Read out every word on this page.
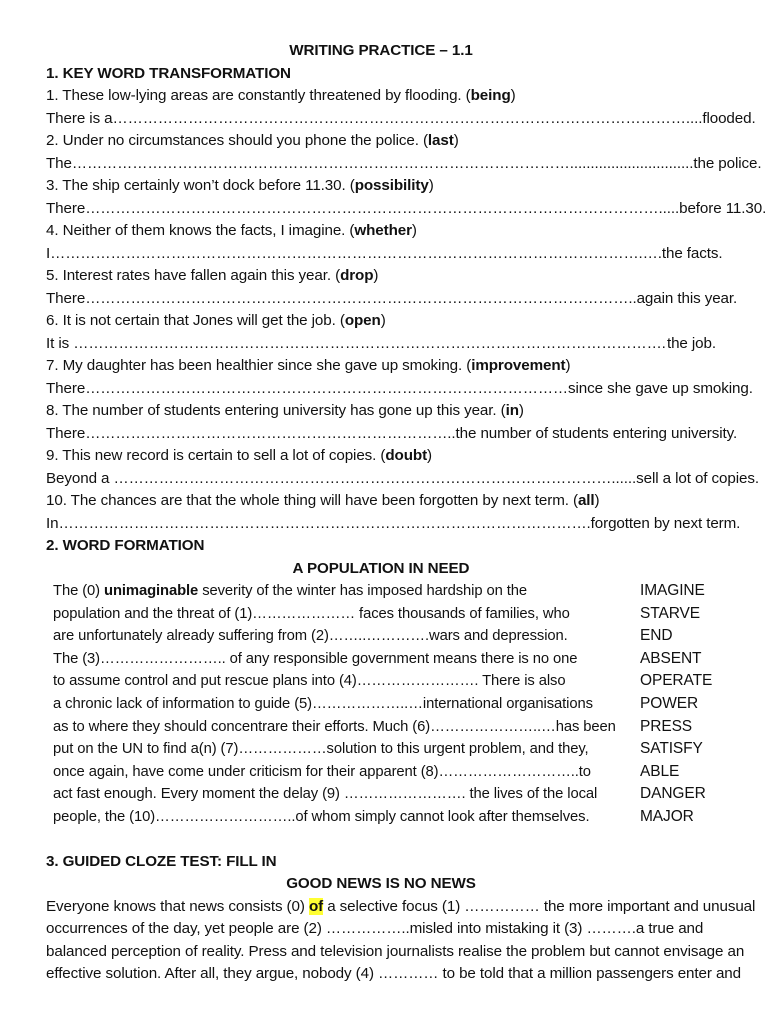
WRITING PRACTICE – 1.1
1. KEY WORD TRANSFORMATION
1. These low-lying areas are constantly threatened by flooding. (being)
There is a…………………………………………………………………………………………………….. ..flooded.
2. Under no circumstances should you phone the police. (last)
The……………………………………………………………………………………….............................. the police.
3. The ship certainly won’t dock before 11.30. (possibility)
There……………………………………………………………………………………………………... ..before 11.30.
4. Neither of them knows the facts, I imagine. (whether)
I……………………………………………………………………………………………………….… .the facts.
5. Interest rates have fallen again this year. (drop)
There……………………………………………………………………………………………….. again this year.
6. It is not certain that Jones will get the job. (open)
It is ………………………………………………………………………………………………………. the job.
7. My daughter has been healthier since she gave up smoking. (improvement)
There…………………………………………………………………………………… since she gave up smoking.
8. The number of students entering university has gone up this year. (in)
There……………………………………………………………….. the number of students entering university.
9. This new record is certain to sell a lot of copies. (doubt)
Beyond a ………………………………………………………………………………………...... sell a lot of copies.
10. The chances are that the whole thing will have been forgotten by next term. (all)
In……………………………………………………………………………………………. forgotten by next term.
2. WORD FORMATION
A POPULATION IN NEED
The (0) unimaginable severity of the winter has imposed hardship on the	IMAGINE
population and the threat of (1)………………… faces thousands of families, who	STARVE
are unfortunately already suffering from (2)……..………….wars and depression.	END
The (3)…………………….. of any responsible government means there is no one	ABSENT
to assume control and put rescue plans into (4)……………………. There is also	OPERATE
a chronic lack of information to guide (5)………………..…international organisations	POWER
as to where they should concentrare their efforts. Much (6)…………………..…has been PRESS
put on the UN to find a(n) (7)………………solution to this urgent problem, and they,	SATISFY
once again, have come under criticism for their apparent (8)………………………..to	ABLE
act fast enough. Every moment the delay (9) ……………………. the lives of the local	DANGER
people, the (10)………………………..of whom simply cannot look after themselves.	MAJOR
3. GUIDED CLOZE TEST: FILL IN
GOOD NEWS IS NO NEWS
Everyone knows that news consists (0) of a selective focus (1) …………… the more important and unusual
occurrences of the day, yet people are (2) ……………..misled into mistaking it (3) ……….a true and
balanced perception of reality. Press and television journalists realise the problem but cannot envisage an
effective solution. After all, they argue, nobody (4) ………… to be told that a million passengers enter and
